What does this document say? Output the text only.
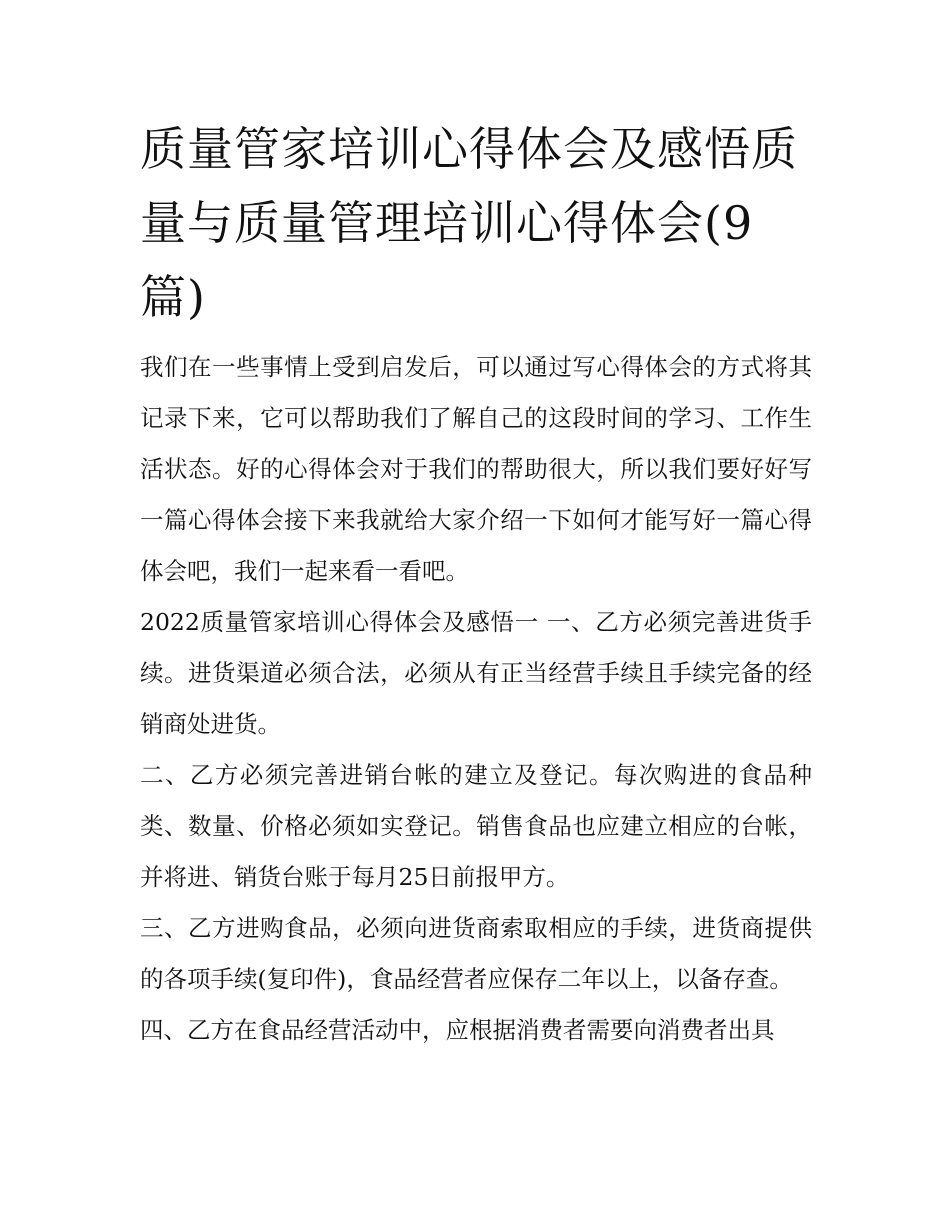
质量管家培训心得体会及感悟质量与质量管理培训心得体会(9篇)

我们在一些事情上受到启发后，可以通过写心得体会的方式将其记录下来，它可以帮助我们了解自己的这段时间的学习、工作生活状态。好的心得体会对于我们的帮助很大，所以我们要好好写一篇心得体会接下来我就给大家介绍一下如何才能写好一篇心得体会吧，我们一起来看一看吧。

2022质量管家培训心得体会及感悟一 一、乙方必须完善进货手续。进货渠道必须合法，必须从有正当经营手续且手续完备的经销商处进货。

二、乙方必须完善进销台帐的建立及登记。每次购进的食品种类、数量、价格必须如实登记。销售食品也应建立相应的台帐，并将进、销货台账于每月25日前报甲方。

三、乙方进购食品，必须向进货商索取相应的手续，进货商提供的各项手续(复印件)，食品经营者应保存二年以上，以备存查。

四、乙方在食品经营活动中，应根据消费者需要向消费者出具
